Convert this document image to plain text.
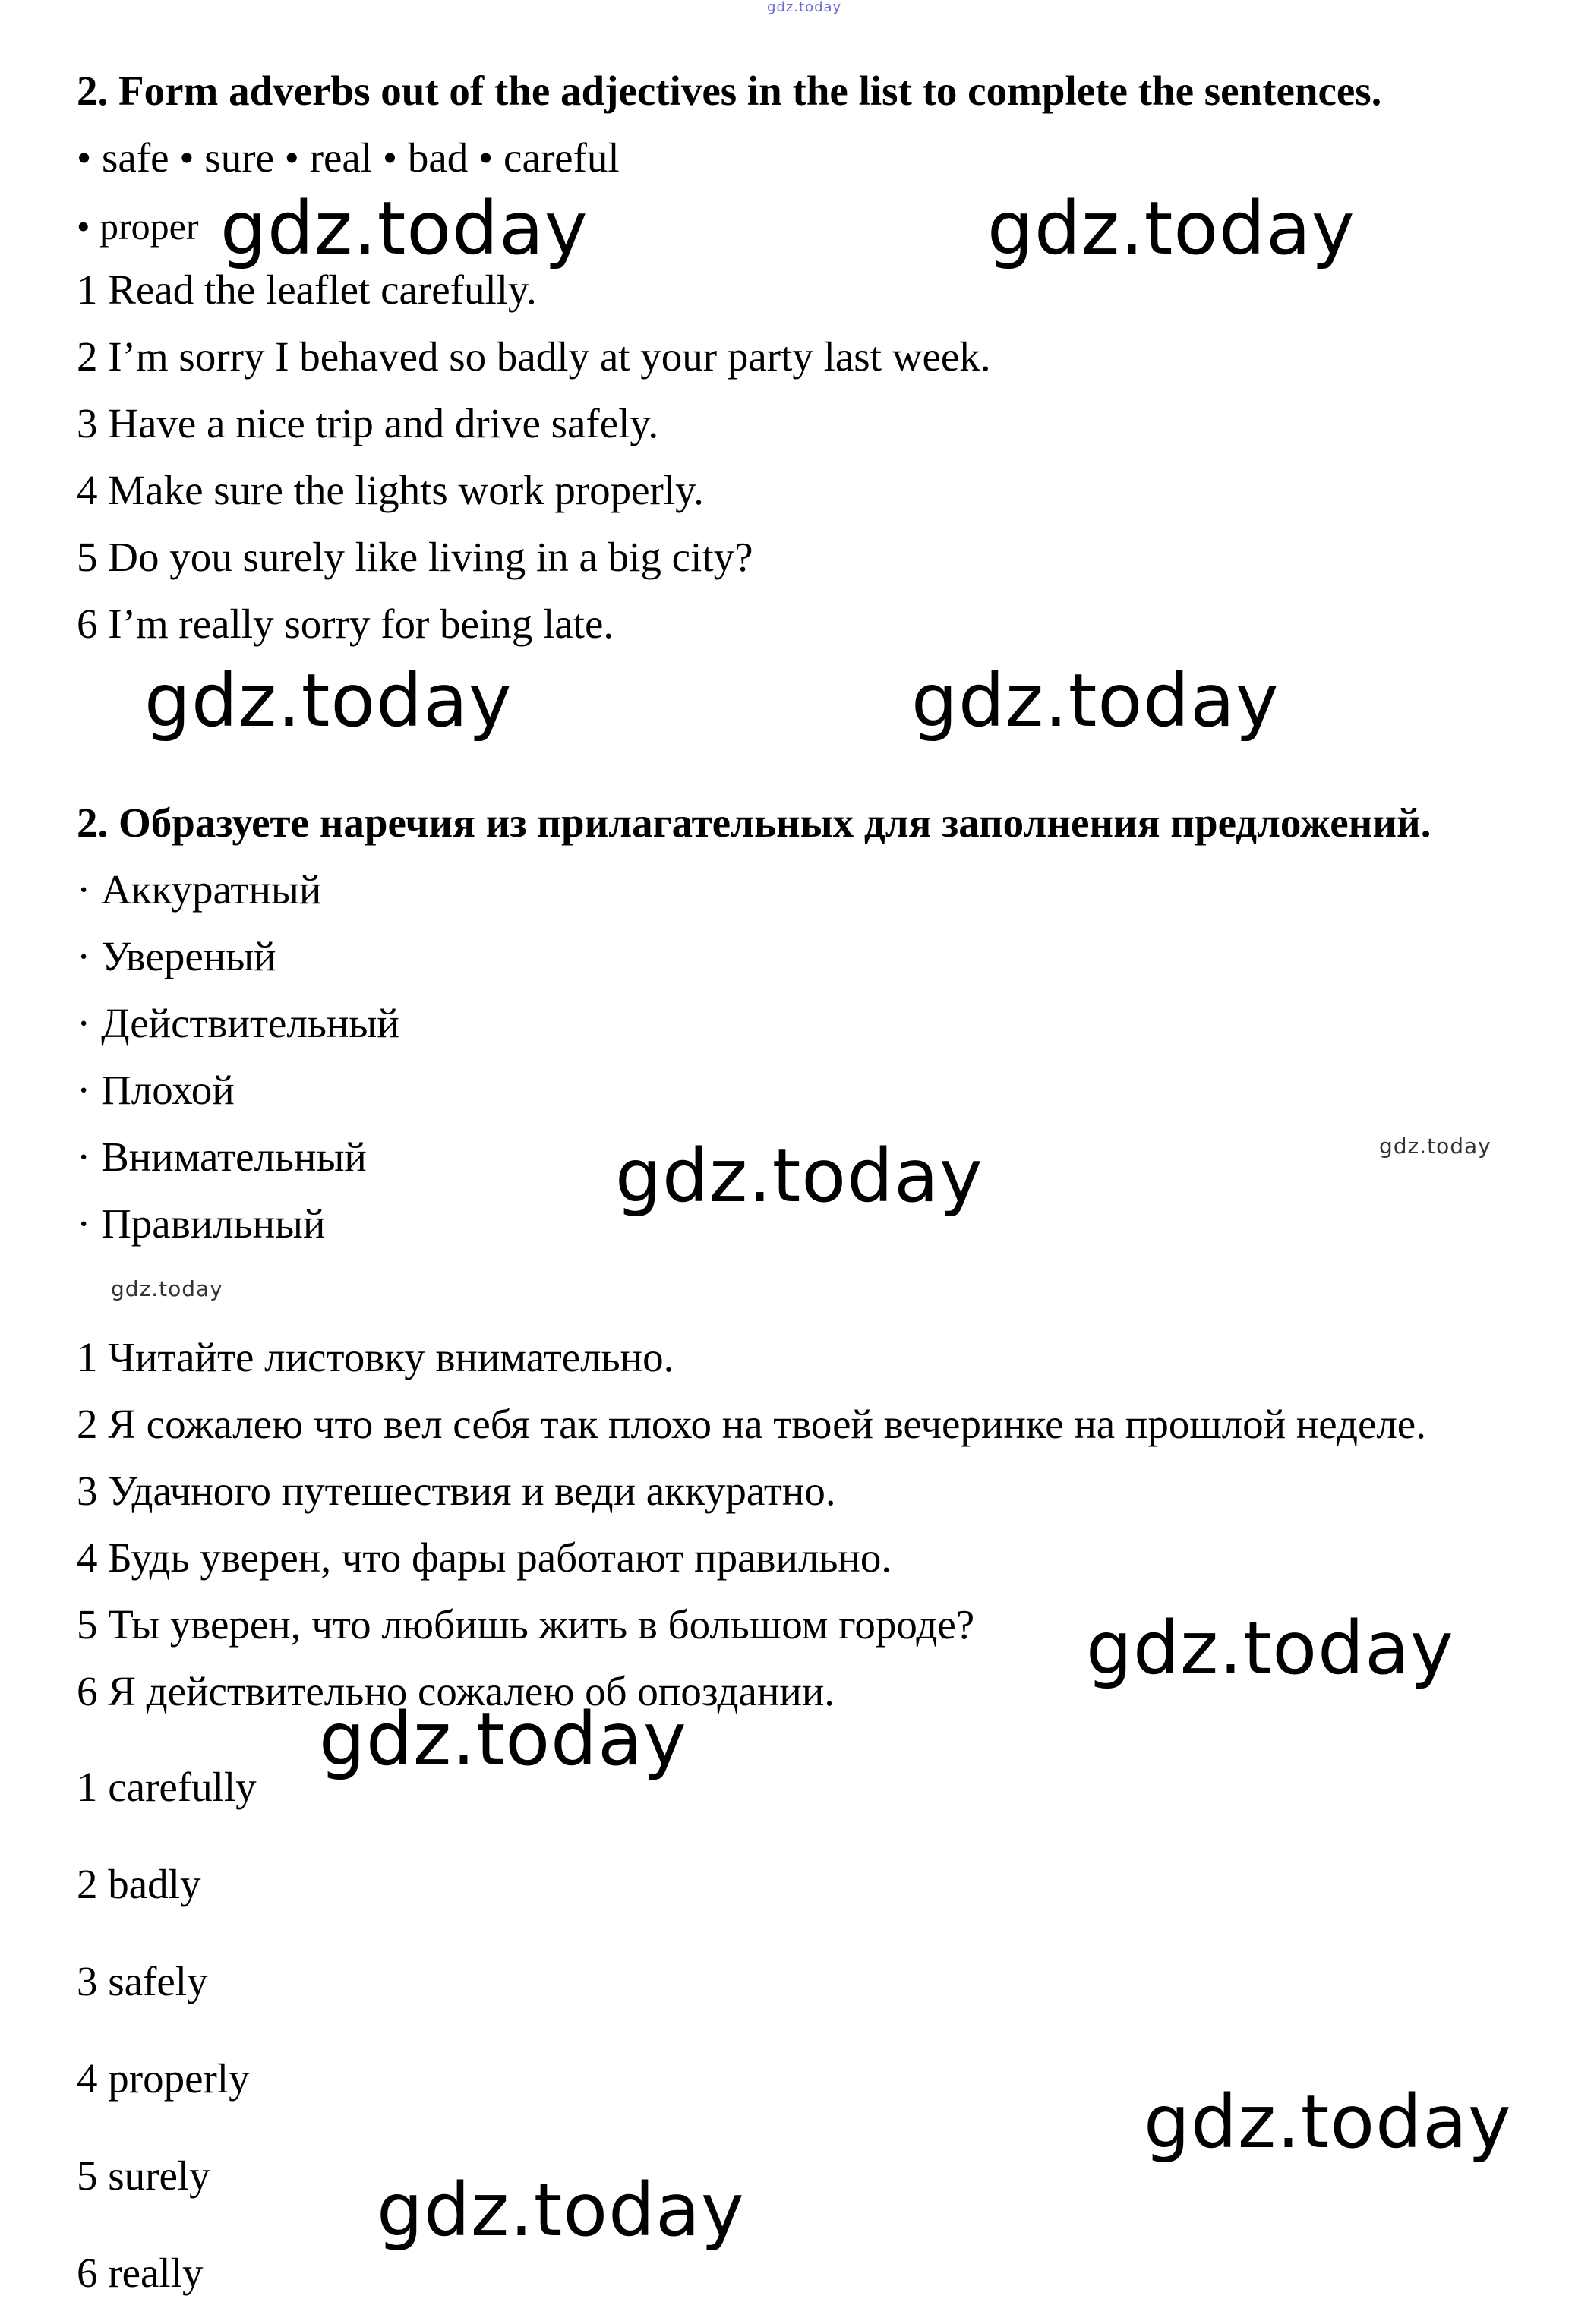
gdz.today
2. Form adverbs out of the adjectives in the list to complete the sentences.
• safe • sure • real • bad • careful
• proper
1 Read the leaflet carefully.
2 I’m sorry I behaved so badly at your party last week.
3 Have a nice trip and drive safely.
4 Make sure the lights work properly.
5 Do you surely like living in a big city?
6 I’m really sorry for being late.
2. Образуете наречия из прилагательных для заполнения предложений.
· Аккуратный
· Увереный
· Действительный
· Плохой
· Внимательный
· Правильный
1 Читайте листовку внимательно.
2 Я сожалею что вел себя так плохо на твоей вечеринке на прошлой неделе.
3 Удачного путешествия и веди аккуратно.
4 Будь уверен, что фары работают правильно.
5 Ты уверен, что любишь жить в большом городе?
6 Я действительно сожалею об опоздании.
1 carefully
2 badly
3 safely
4 properly
5 surely
6 really
gdz.today	gdz.today
gdz.today	gdz.today
gdz.today	gdz.today
gdz.today
gdz.today
gdz.today
gdz.today
gdz.today
